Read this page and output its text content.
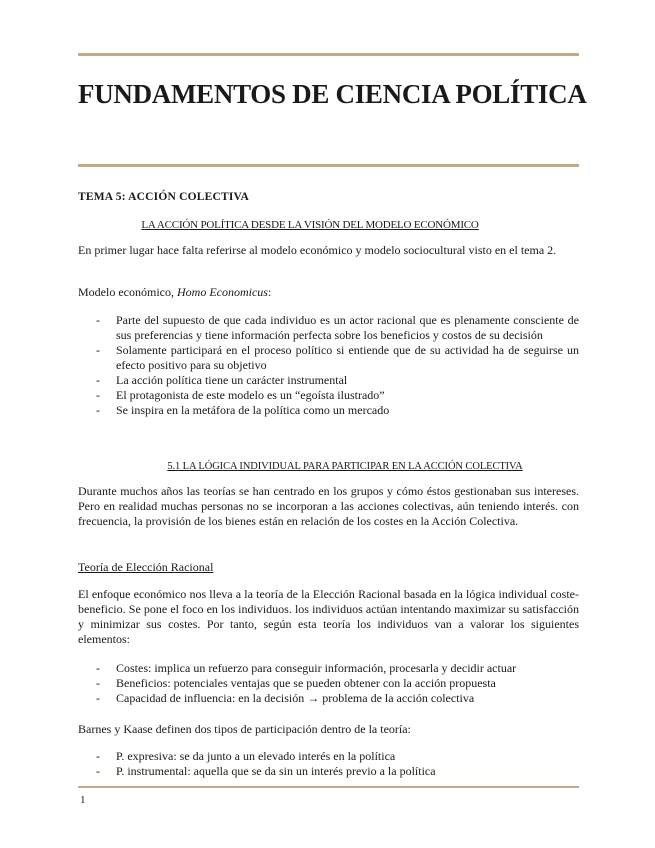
FUNDAMENTOS DE CIENCIA POLÍTICA
TEMA 5: ACCIÓN COLECTIVA
LA ACCIÓN POLÍTICA DESDE LA VISIÓN DEL MODELO ECONÓMICO
En primer lugar hace falta referirse al modelo económico y modelo sociocultural visto en el tema 2.
Modelo económico, Homo Economicus:
- Parte del supuesto de que cada individuo es un actor racional que es plenamente consciente de sus preferencias y tiene información perfecta sobre los beneficios y costos de su decisión
- Solamente participará en el proceso político si entiende que de su actividad ha de seguirse un efecto positivo para su objetivo
- La acción política tiene un carácter instrumental
- El protagonista de este modelo es un “egoísta ilustrado”
- Se inspira en la metáfora de la política como un mercado
5.1 LA LÓGICA INDIVIDUAL PARA PARTICIPAR EN LA ACCIÓN COLECTIVA
Durante muchos años las teorías se han centrado en los grupos y cómo éstos gestionaban sus intereses. Pero en realidad muchas personas no se incorporan a las acciones colectivas, aún teniendo interés. con frecuencia, la provisión de los bienes están en relación de los costes en la Acción Colectiva.
Teoría de Elección Racional
El enfoque económico nos lleva a la teoría de la Elección Racional basada en la lógica individual coste-beneficio. Se pone el foco en los individuos. los individuos actúan intentando maximizar su satisfacción y minimizar sus costes. Por tanto, según esta teoría los individuos van a valorar los siguientes elementos:
- Costes: implica un refuerzo para conseguir información, procesarla y decidir actuar
- Beneficios: potenciales ventajas que se pueden obtener con la acción propuesta
- Capacidad de influencia: en la decisión → problema de la acción colectiva
Barnes y Kaase definen dos tipos de participación dentro de la teoría:
- P. expresiva: se da junto a un elevado interés en la política
- P. instrumental: aquella que se da sin un interés previo a la política
1
